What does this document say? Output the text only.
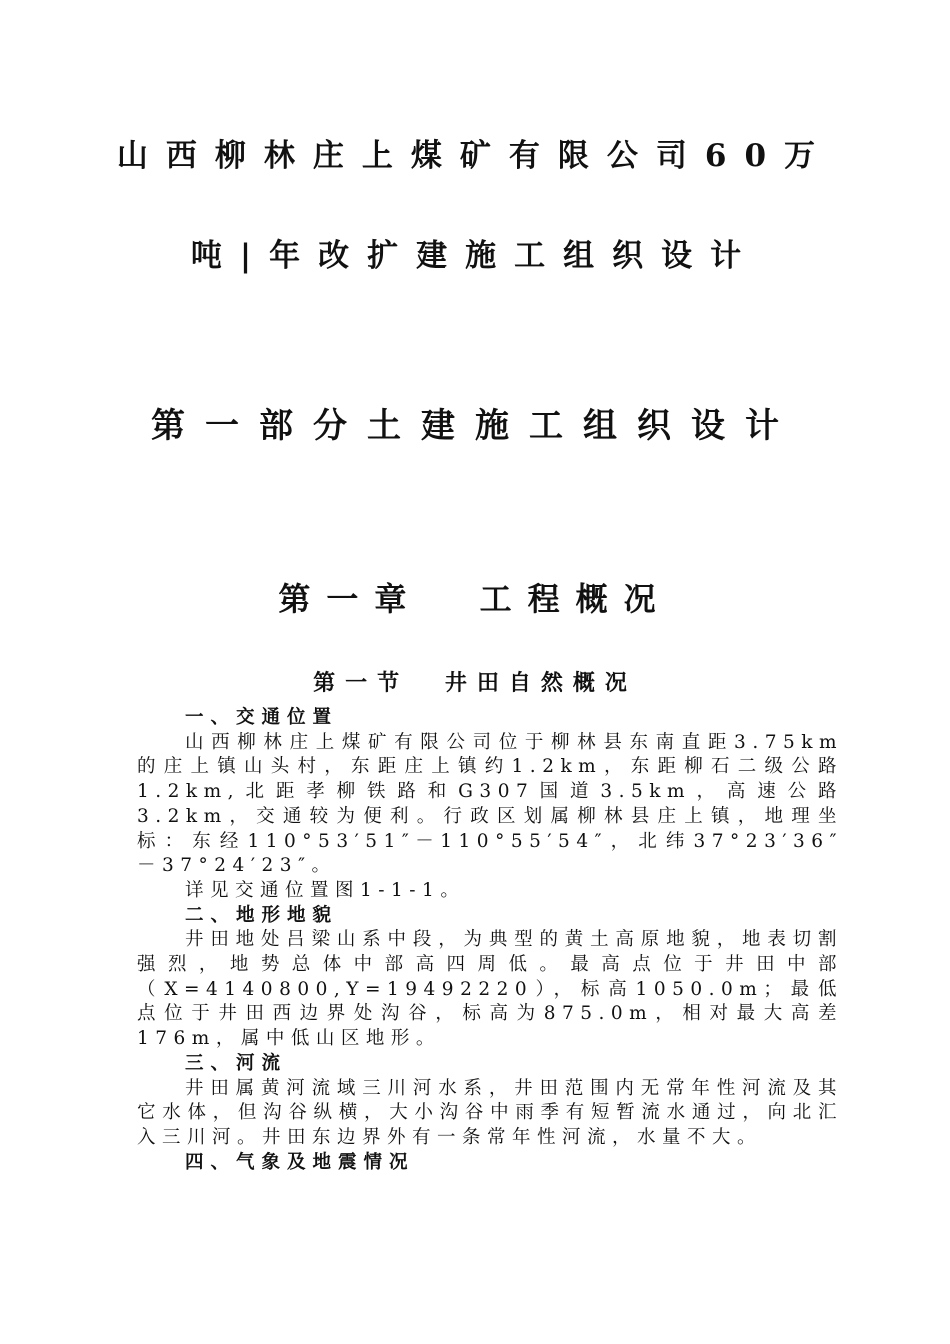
山西柳林庄上煤矿有限公司60万
吨|年改扩建施工组织设计
第一部分土建施工组织设计
第一章 工程概况
第一节 井田自然概况

一、交通位置

山西柳林庄上煤矿有限公司位于柳林县东南直距3.75km的庄上镇山头村，东距庄上镇约1.2km，东距柳石二级公路1.2km,北距孝柳铁路和G307国道3.5km，高速公路3.2km，交通较为便利。行政区划属柳林县庄上镇，地理坐标：东经110°53′51″－110°55′54″，北纬37°23′36″－37°24′23″。

详见交通位置图1-1-1。

二、地形地貌

井田地处吕梁山系中段，为典型的黄土高原地貌，地表切割强烈，地势总体中部高四周低。最高点位于井田中部（X=4140800,Y=19492220），标高1050.0m；最低点位于井田西边界处沟谷，标高为875.0m，相对最大高差176m，属中低山区地形。

三、河流

井田属黄河流域三川河水系，井田范围内无常年性河流及其它水体，但沟谷纵横，大小沟谷中雨季有短暂流水通过，向北汇入三川河。井田东边界外有一条常年性河流，水量不大。

四、气象及地震情况
